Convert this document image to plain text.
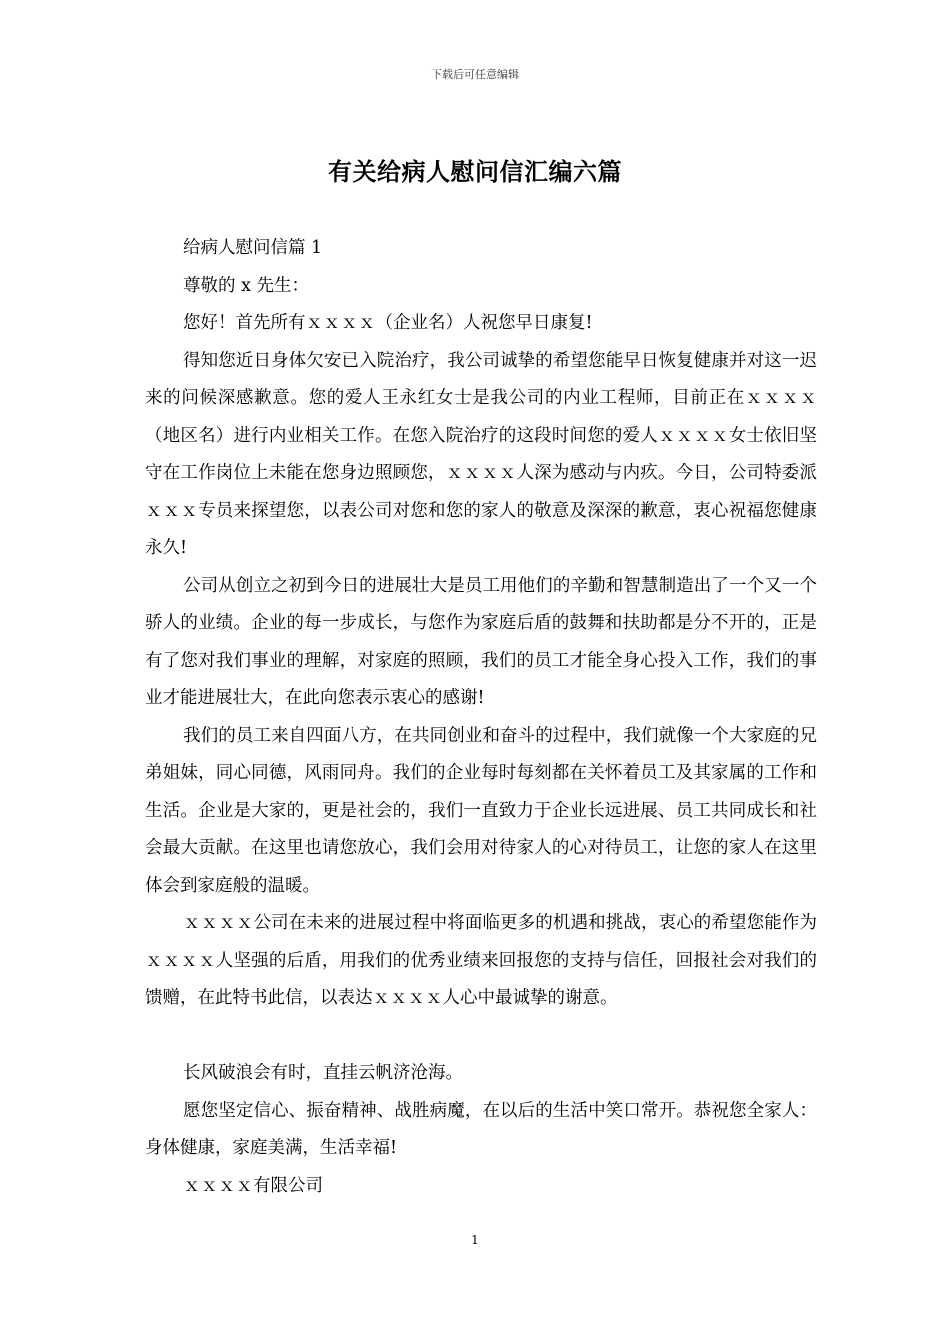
下载后可任意编辑
有关给病人慰问信汇编六篇

给病人慰问信篇 1

尊敬的 x 先生：

您好！首先所有ｘｘｘｘ（企业名）人祝您早日康复!

得知您近日身体欠安已入院治疗，我公司诚挚的希望您能早日恢复健康并对这一迟来的问候深感歉意。您的爱人王永红女士是我公司的内业工程师，目前正在ｘｘｘｘ（地区名）进行内业相关工作。在您入院治疗的这段时间您的爱人ｘｘｘｘ女士依旧坚守在工作岗位上未能在您身边照顾您，ｘｘｘｘ人深为感动与内疚。今日，公司特委派ｘｘｘ专员来探望您，以表公司对您和您的家人的敬意及深深的歉意，衷心祝福您健康永久!

公司从创立之初到今日的进展壮大是员工用他们的辛勤和智慧制造出了一个又一个骄人的业绩。企业的每一步成长，与您作为家庭后盾的鼓舞和扶助都是分不开的，正是有了您对我们事业的理解，对家庭的照顾，我们的员工才能全身心投入工作，我们的事业才能进展壮大，在此向您表示衷心的感谢!

我们的员工来自四面八方，在共同创业和奋斗的过程中，我们就像一个大家庭的兄弟姐妹，同心同德，风雨同舟。我们的企业每时每刻都在关怀着员工及其家属的工作和生活。企业是大家的，更是社会的，我们一直致力于企业长远进展、员工共同成长和社会最大贡献。在这里也请您放心，我们会用对待家人的心对待员工，让您的家人在这里体会到家庭般的温暖。

ｘｘｘｘ公司在未来的进展过程中将面临更多的机遇和挑战，衷心的希望您能作为ｘｘｘｘ人坚强的后盾，用我们的优秀业绩来回报您的支持与信任，回报社会对我们的馈赠，在此特书此信，以表达ｘｘｘｘ人心中最诚挚的谢意。

长风破浪会有时，直挂云帆济沧海。

愿您坚定信心、振奋精神、战胜病魔，在以后的生活中笑口常开。恭祝您全家人：身体健康，家庭美满，生活幸福!

ｘｘｘｘ有限公司

1
